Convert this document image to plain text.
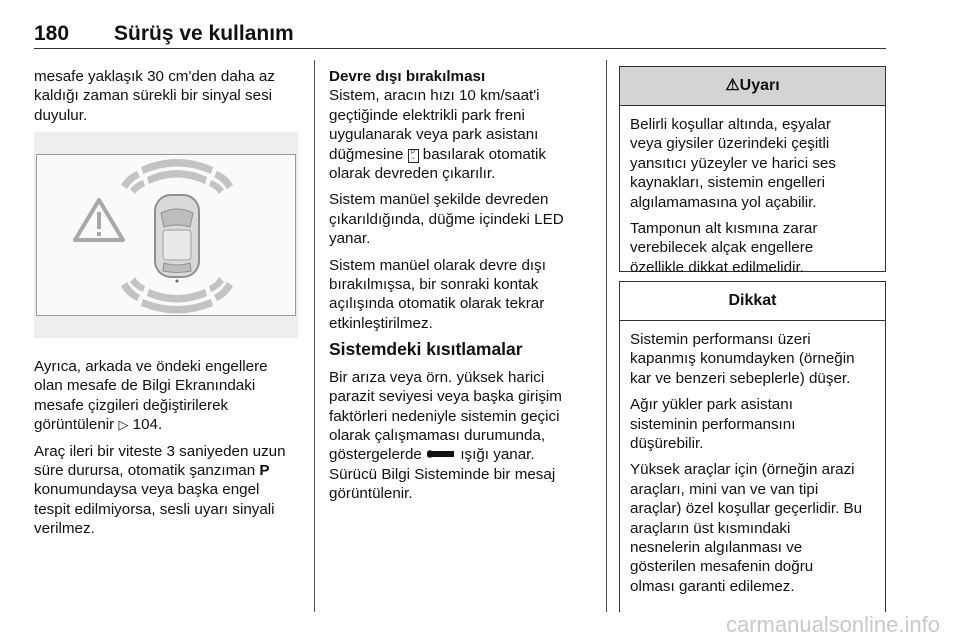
180 Sürüş ve kullanım

mesafe yaklaşık 30 cm'den daha az
kaldığı zaman sürekli bir sinyal sesi
duyulur.

Ayrıca, arkada ve öndeki engellere
olan mesafe de Bilgi Ekranındaki
mesafe çizgileri değiştirilerek
görüntülenir ▷ 104.

Araç ileri bir viteste 3 saniyeden uzun
süre durursa, otomatik şanzıman P
konumundaysa veya başka engel
tespit edilmiyorsa, sesli uyarı sinyali
verilmez.

Devre dışı bırakılması

Sistem, aracın hızı 10 km/saat'i
geçtiğinde elektrikli park freni
uygulanarak veya park asistanı
düğmesine P
~ basılarak otomatik
olarak devreden çıkarılır.

Sistem manüel şekilde devreden
çıkarıldığında, düğme içindeki LED
yanar.

Sistem manüel olarak devre dışı
bırakılmışsa, bir sonraki kontak
açılışında otomatik olarak tekrar
etkinleştirilmez.

Sistemdeki kısıtlamalar

Bir arıza veya örn. yüksek harici
parazit seviyesi veya başka girişim
faktörleri nedeniyle sistemin geçici
olarak çalışmaması durumunda,
göstergelerde  ışığı yanar.
Sürücü Bilgi Sisteminde bir mesaj
görüntülenir.

⚠Uyarı

Belirli koşullar altında, eşyalar
veya giysiler üzerindeki çeşitli
yansıtıcı yüzeyler ve harici ses
kaynakları, sistemin engelleri
algılamamasına yol açabilir.

Tamponun alt kısmına zarar
verebilecek alçak engellere
özellikle dikkat edilmelidir.

Dikkat

Sistemin performansı üzeri
kapanmış konumdayken (örneğin
kar ve benzeri sebeplerle) düşer.

Ağır yükler park asistanı
sisteminin performansını
düşürebilir.

Yüksek araçlar için (örneğin arazi
araçları, mini van ve van tipi
araçlar) özel koşullar geçerlidir. Bu
araçların üst kısmındaki
nesnelerin algılanması ve
gösterilen mesafenin doğru
olması garanti edilemez.

carmanualsonline.info
